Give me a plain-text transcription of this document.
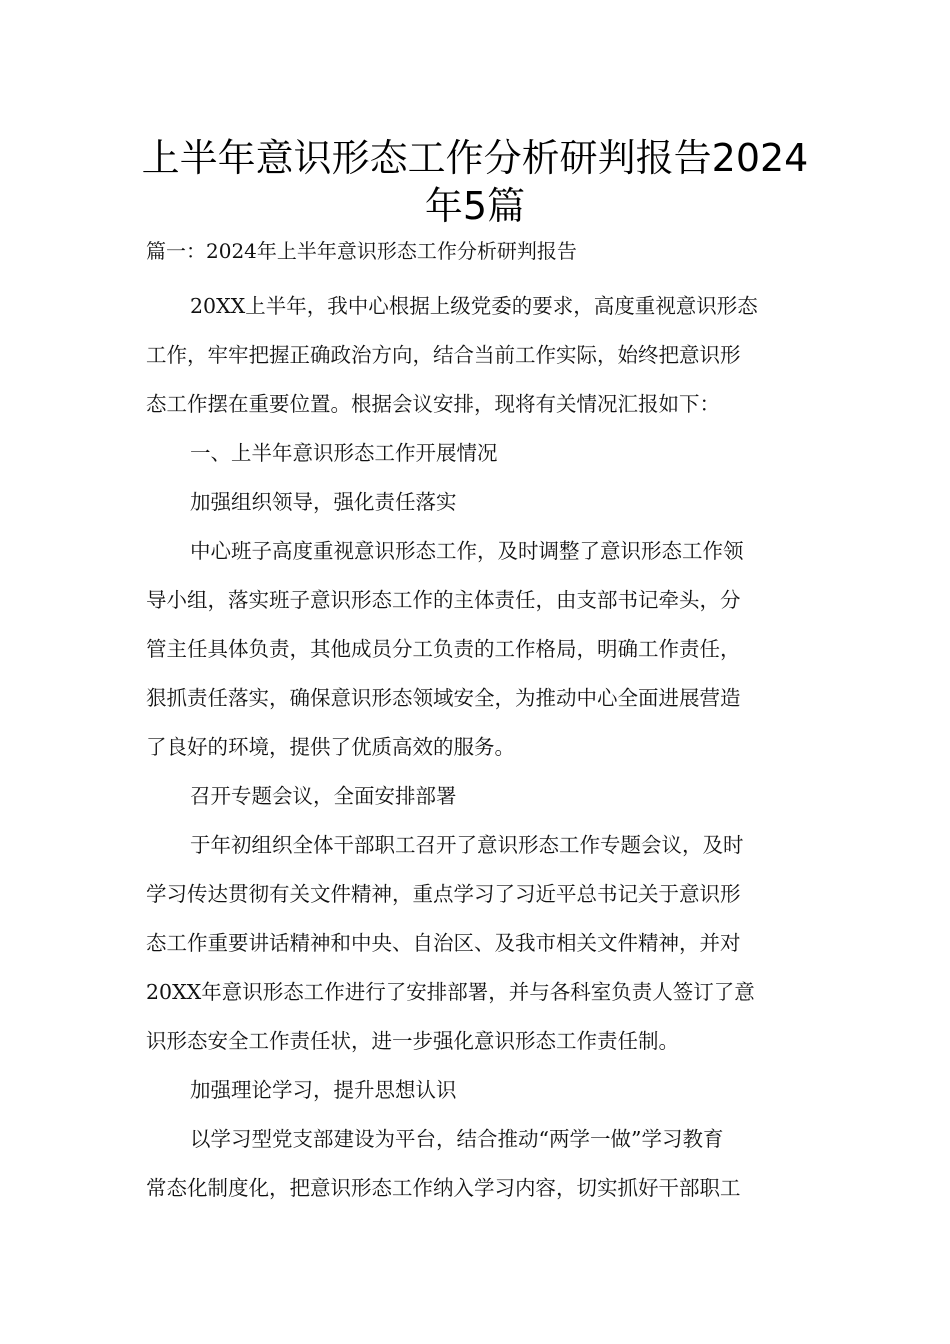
上半年意识形态工作分析研判报告2024
年5篇
篇一：2024年上半年意识形态工作分析研判报告
20XX上半年，我中心根据上级党委的要求，高度重视意识形态
工作，牢牢把握正确政治方向，结合当前工作实际，始终把意识形
态工作摆在重要位置。根据会议安排，现将有关情况汇报如下：
一、上半年意识形态工作开展情况
加强组织领导，强化责任落实
中心班子高度重视意识形态工作，及时调整了意识形态工作领
导小组，落实班子意识形态工作的主体责任，由支部书记牵头，分
管主任具体负责，其他成员分工负责的工作格局，明确工作责任，
狠抓责任落实，确保意识形态领域安全，为推动中心全面进展营造
了良好的环境，提供了优质高效的服务。
召开专题会议，全面安排部署
于年初组织全体干部职工召开了意识形态工作专题会议，及时
学习传达贯彻有关文件精神，重点学习了习近平总书记关于意识形
态工作重要讲话精神和中央、自治区、及我市相关文件精神，并对
20XX年意识形态工作进行了安排部署，并与各科室负责人签订了意
识形态安全工作责任状，进一步强化意识形态工作责任制。
加强理论学习，提升思想认识
以学习型党支部建设为平台，结合推动“两学一做”学习教育
常态化制度化，把意识形态工作纳入学习内容，切实抓好干部职工
